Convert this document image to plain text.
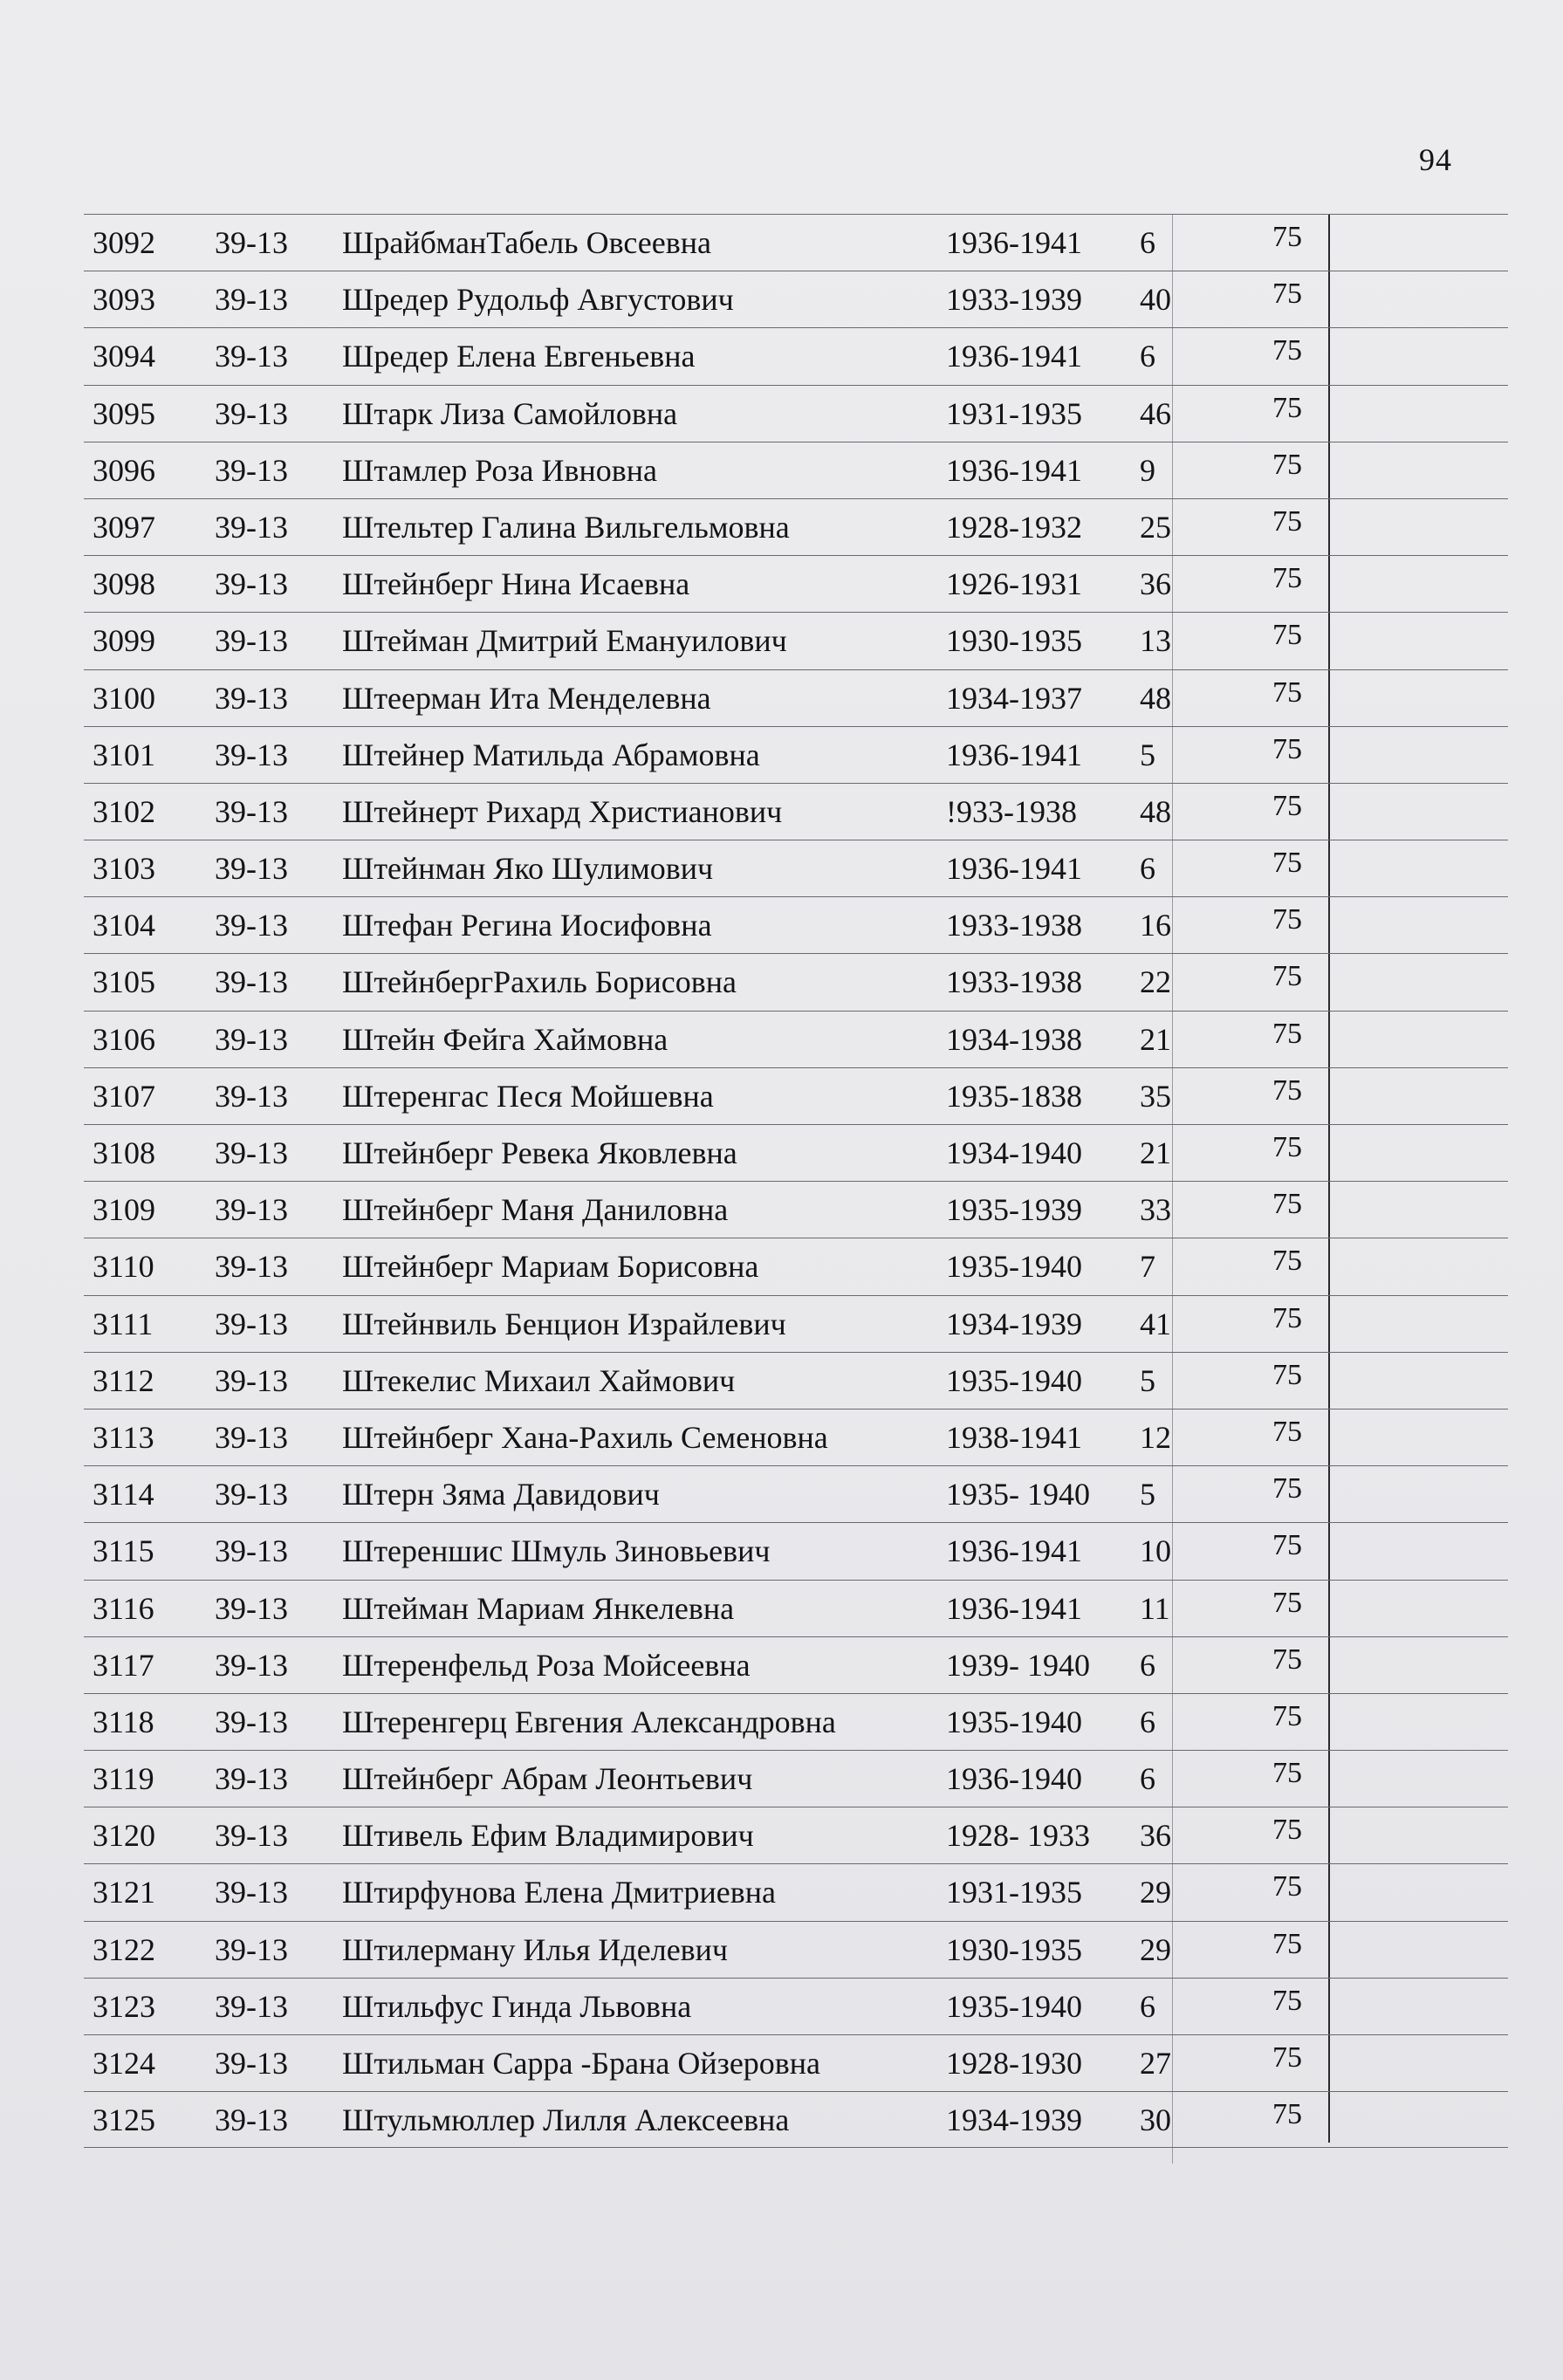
94
3092 39-13 ШрайбманТабель Овсеевна	1936-1941 6	75
3093 39-13 Шредер Рудольф Августович	1933-1939 40	75
3094 39-13 Шредер Елена Евгеньевна	1936-1941 6	75
3095 39-13 Штарк Лиза Самойловна	1931-1935 46	75
3096 39-13 Штамлер Роза Ивновна	1936-1941 9	75
3097 39-13 Штельтер Галина Вильгельмовна	1928-1932 25	75
3098 39-13 Штейнберг Нина Исаевна	1926-1931 36	75
3099 39-13 Штейман Дмитрий Емануилович	1930-1935 13	75
3100 39-13 Штеерман Ита Менделевна	1934-1937 48	75
3101 39-13 Штейнер Матильда Абрамовна	1936-1941 5	75
3102 39-13 Штейнерт Рихард Христианович	!933-1938 48	75
3103 39-13 Штейнман Яко Шулимович	1936-1941 6	75
3104 39-13 Штефан Регина Иосифовна	1933-1938 16	75
3105 39-13 ШтейнбергРахиль Борисовна	1933-1938 22	75
3106 39-13 Штейн Фейга Хаймовна	1934-1938 21	75
3107 39-13 Штеренгас Песя Мойшевна	1935-1838 35	75
3108 39-13 Штейнберг Ревека Яковлевна	1934-1940 21	75
3109 39-13 Штейнберг Маня Даниловна	1935-1939 33	75
3110 39-13 Штейнберг Мариам Борисовна	1935-1940 7	75
3111 39-13 Штейнвиль Бенцион Израйлевич	1934-1939 41	75
3112 39-13 Штекелис Михаил Хаймович	1935-1940 5	75
3113 39-13 Штейнберг Хана-Рахиль Семеновна	1938-1941 12	75
3114 39-13 Штерн Зяма Давидович	1935- 1940 5	75
3115 39-13 Штереншис Шмуль Зиновьевич	1936-1941 10	75
3116 39-13 Штейман Мариам Янкелевна	1936-1941 11	75
3117 39-13 Штеренфельд Роза Мойсеевна	1939- 1940 6	75
3118 39-13 Штеренгерц Евгения Александровна	1935-1940 6	75
3119 39-13 Штейнберг Абрам Леонтьевич	1936-1940 6	75
3120 39-13 Штивель Ефим Владимирович	1928- 1933 36	75
3121 39-13 Штирфунова Елена Дмитриевна	1931-1935 29	75
3122 39-13 Штилерману Илья Иделевич	1930-1935 29	75
3123 39-13 Штильфус Гинда Львовна	1935-1940 6	75
3124 39-13 Штильман Сарра -Брана Ойзеровна	1928-1930 27	75
3125 39-13 Штульмюллер Лилля Алексеевна	1934-1939 30	75
